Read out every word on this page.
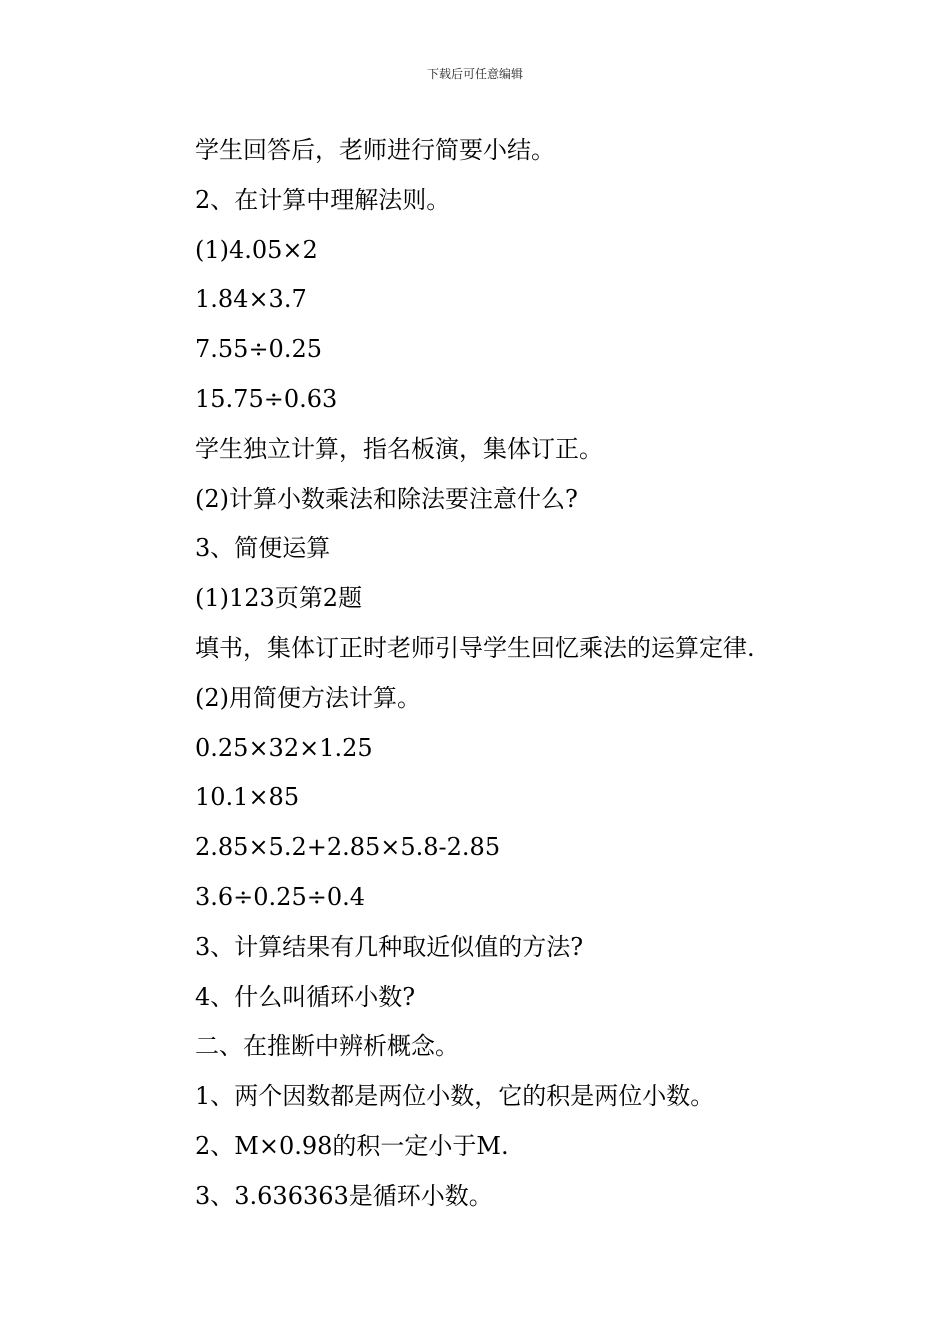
下载后可任意编辑
学生回答后，老师进行简要小结。
2、在计算中理解法则。
(1)4.05×2
1.84×3.7
7.55÷0.25
15.75÷0.63
学生独立计算，指名板演，集体订正。
(2)计算小数乘法和除法要注意什么?
3、简便运算
(1)123页第2题
填书，集体订正时老师引导学生回忆乘法的运算定律.
(2)用简便方法计算。
0.25×32×1.25
10.1×85
2.85×5.2+2.85×5.8-2.85
3.6÷0.25÷0.4
3、计算结果有几种取近似值的方法?
4、什么叫循环小数?
二、在推断中辨析概念。
1、两个因数都是两位小数，它的积是两位小数。
2、M×0.98的积一定小于M.
3、3.636363是循环小数。
